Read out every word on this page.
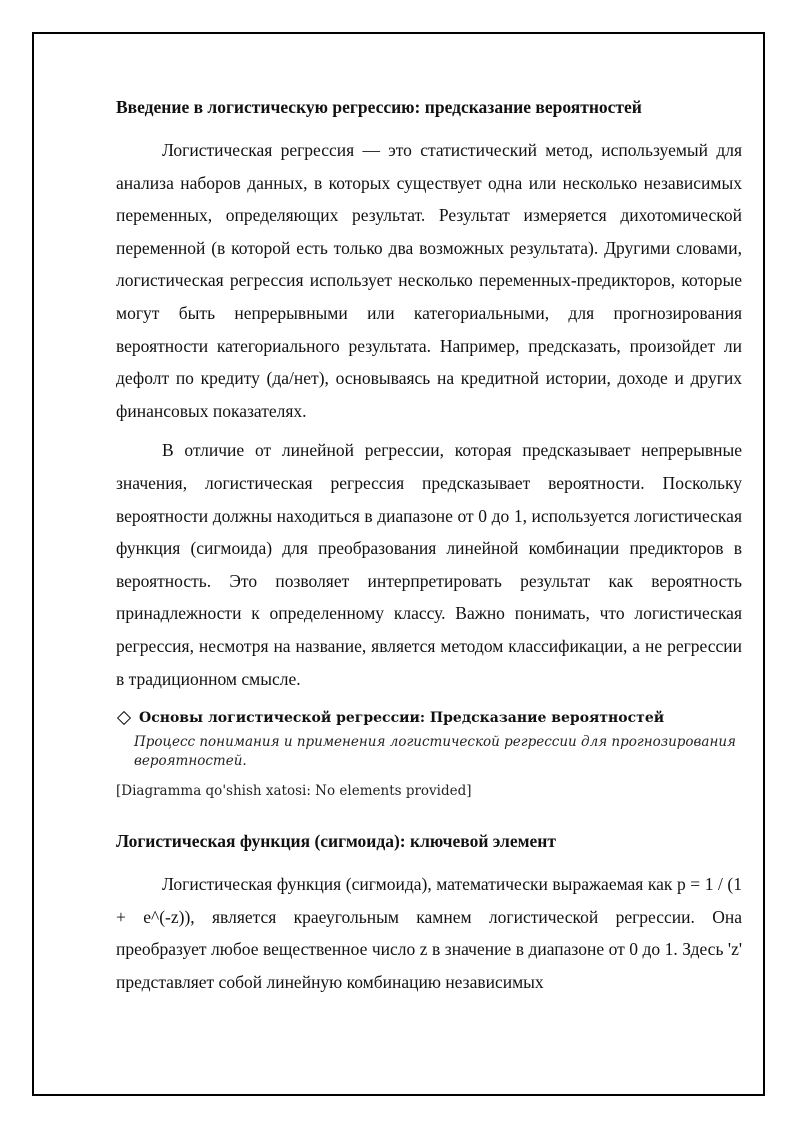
Введение в логистическую регрессию: предсказание вероятностей

Логистическая регрессия — это статистический метод, используемый для анализа наборов данных, в которых существует одна или несколько независимых переменных, определяющих результат. Результат измеряется дихотомической переменной (в которой есть только два возможных результата). Другими словами, логистическая регрессия использует несколько переменных-предикторов, которые могут быть непрерывными или категориальными, для прогнозирования вероятности категориального результата. Например, предсказать, произойдет ли дефолт по кредиту (да/нет), основываясь на кредитной истории, доходе и других финансовых показателях.

В отличие от линейной регрессии, которая предсказывает непрерывные значения, логистическая регрессия предсказывает вероятности. Поскольку вероятности должны находиться в диапазоне от 0 до 1, используется логистическая функция (сигмоида) для преобразования линейной комбинации предикторов в вероятность. Это позволяет интерпретировать результат как вероятность принадлежности к определенному классу. Важно понимать, что логистическая регрессия, несмотря на название, является методом классификации, а не регрессии в традиционном смысле.

Основы логистической регрессии: Предсказание вероятностей
Процесс понимания и применения логистической регрессии для прогнозирования вероятностей.
[Diagramma qo'shish xatosi: No elements provided]
Логистическая функция (сигмоида): ключевой элемент

Логистическая функция (сигмоида), математически выражаемая как p = 1 / (1 + e^(-z)), является краеугольным камнем логистической регрессии. Она преобразует любое вещественное число z в значение в диапазоне от 0 до 1. Здесь 'z' представляет собой линейную комбинацию независимых
